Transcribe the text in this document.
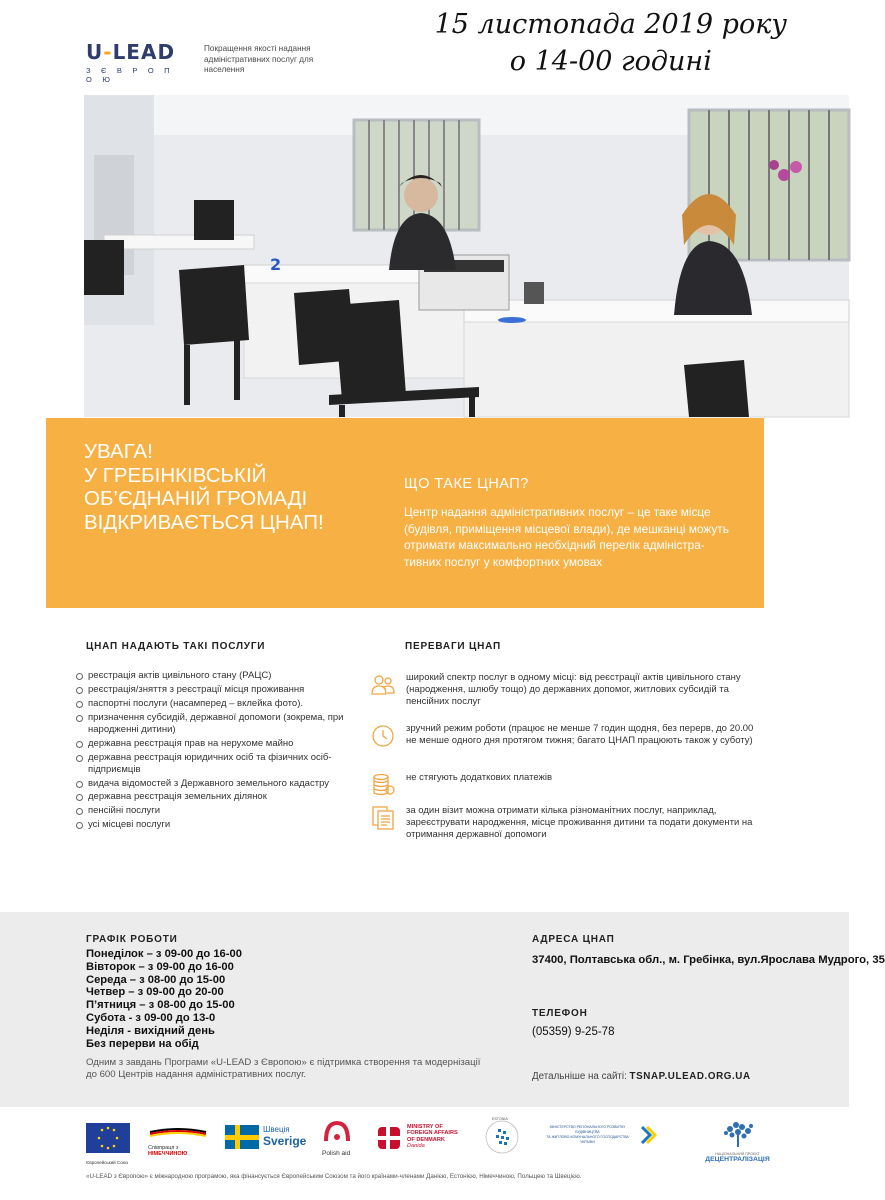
U-LEAD
З Є В Р О П О Ю
Покращення якості надання адміністративних послуг для населення
15 листопада 2019 року
о 14-00 годині
2
УВАГА!
У ГРЕБІНКІВСЬКІЙ
ОБ’ЄДНАНІЙ ГРОМАДІ
ВІДКРИВАЄТЬСЯ ЦНАП!
ЩО ТАКЕ ЦНАП?
Центр надання адміністративних послуг – це таке місце (будівля, приміщення місцевої влади), де мешканці можуть отримати максимально необхідний перелік адміністра-тивних послуг у комфортних умовах
ЦНАП НАДАЮТЬ ТАКІ ПОСЛУГИ
реєстрація актів цивільного стану (РАЦС)
реєстрація/зняття з реєстрації місця проживання
паспортні послуги (насамперед – вклейка фото).
призначення субсидій, державної допомоги (зокрема, при народженні дитини)
державна реєстрація прав на нерухоме майно
державна реєстрація юридичних осіб та фізичних осіб-підприємців
видача відомостей з Державного земельного кадастру
державна реєстрація земельних ділянок
пенсійні послуги
усі місцеві послуги
ПЕРЕВАГИ ЦНАП
широкий спектр послуг в одному місці: від реєстрації актів цивільного стану (народження, шлюбу тощо) до державних допомог, житлових субсидій та пенсійних послуг
зручний режим роботи (працює не менше 7 годин щодня, без перерв, до 20.00 не менше одного дня протягом тижня; багато ЦНАП працюють також у суботу)
не стягують додаткових платежів
за один візит можна отримати кілька різноманітних послуг, наприклад, зареєструвати народження, місце проживання дитини та подати документи на отримання державної допомоги
ГРАФІК РОБОТИ
Понеділок – з 09-00 до 16-00
Вівторок – з 09-00 до 16-00
Середа – з 08-00 до 15-00
Четвер – з 09-00 до 20-00
П’ятниця – з 08-00 до 15-00
Субота - з 09-00 до 13-0
Неділя - вихідний день
Без перерви на обід
Одним з завдань Програми «U-LEAD з Європою» є підтримка створення та модернізації до 600 Центрів надання адміністративних послуг.
АДРЕСА ЦНАП
37400, Полтавська обл., м. Гребінка, вул.Ярослава Мудрого, 35
ТЕЛЕФОН
(05359) 9-25-78
Детальніше на сайті: TSNAP.ULEAD.ORG.UA
Європейський Союз
Співпраця з
НІМЕЧЧИНОЮ
Швеція
Sverige
Polish aid
MINISTRY OF
FOREIGN AFFAIRS
OF DENMARK
Danida
ESTONIA
МІНІСТЕРСТВО РЕГІОНАЛЬНОГО РОЗВИТКУ
БУДІВНИЦТВА
ТА ЖИТЛОВО-КОМУНАЛЬНОГО ГОСПОДАРСТВА
УКРАЇНИ
НАЦІОНАЛЬНИЙ ПРОЄКТ
ДЕЦЕНТРАЛІЗАЦІЯ
«U-LEAD з Європою» є міжнародною програмою, яка фінансується Європейським Союзом та його країнами-членами Данією, Естонією, Німеччиною, Польщею та Швецією.
